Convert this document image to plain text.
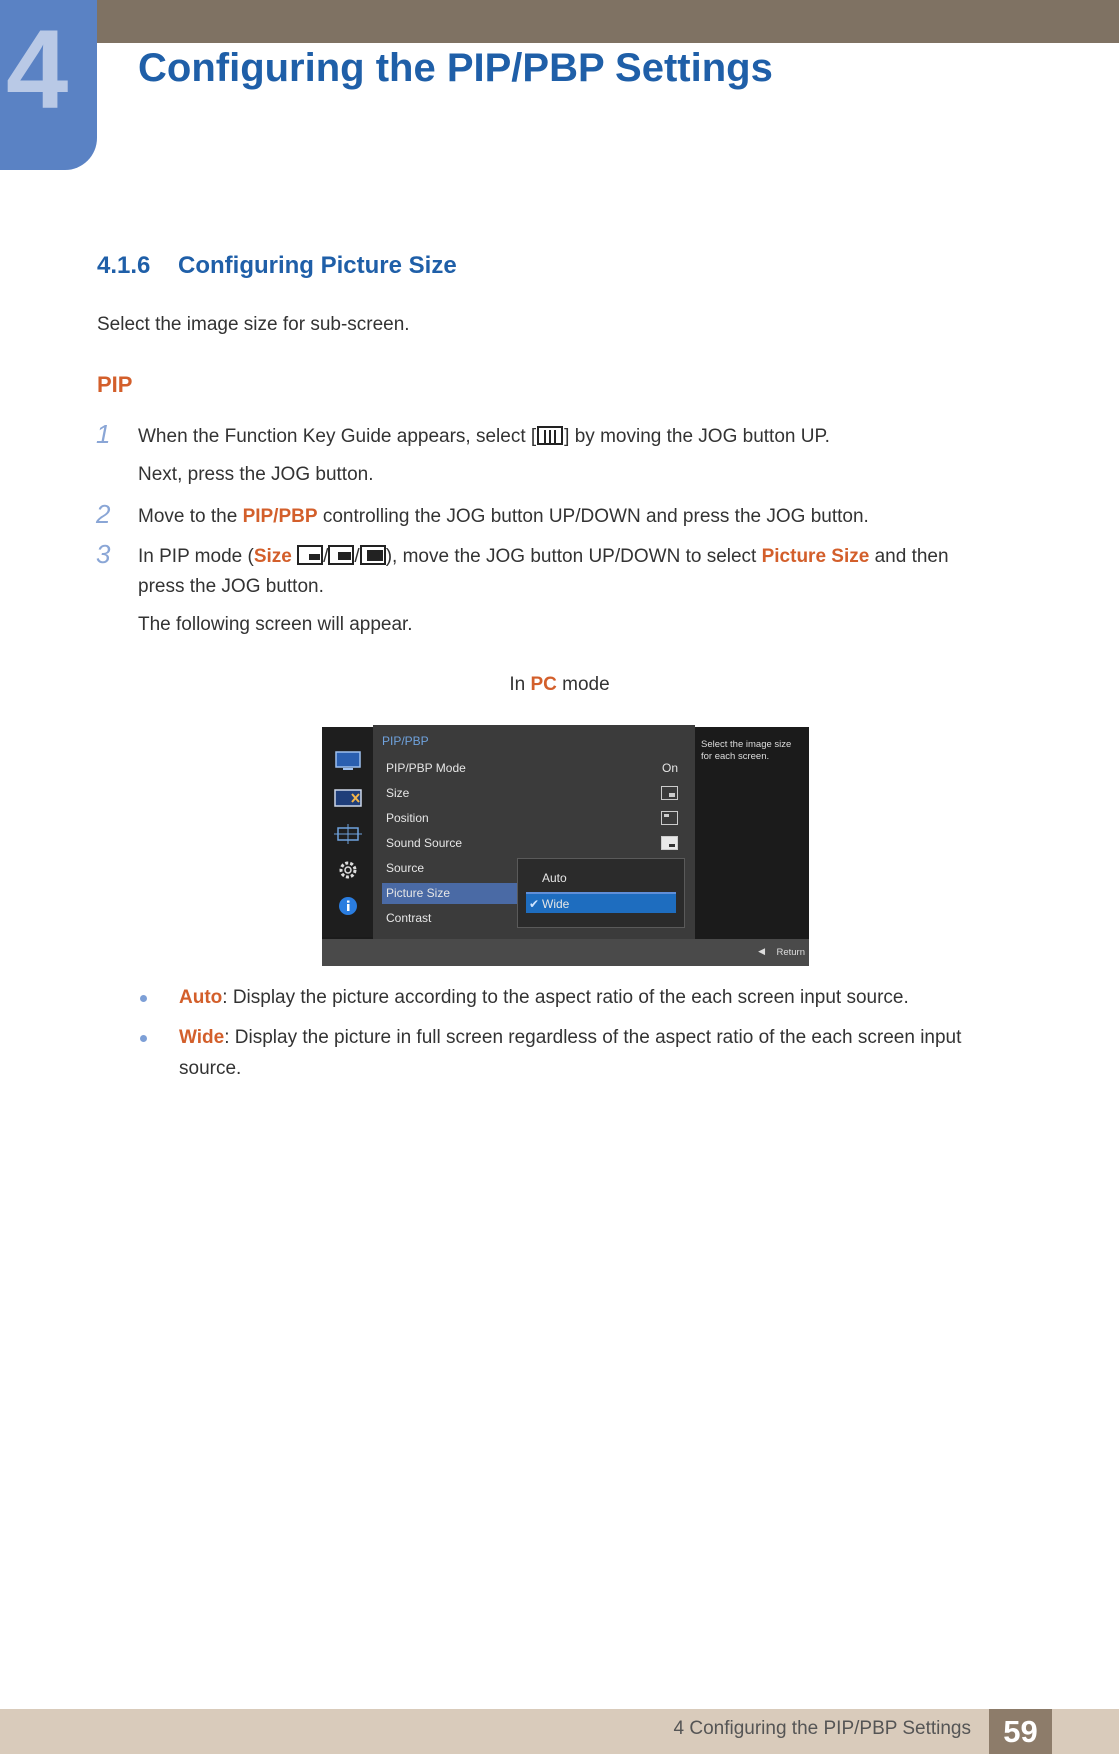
4 Configuring the PIP/PBP Settings
4.1.6 Configuring Picture Size
Select the image size for sub-screen.
PIP
1 When the Function Key Guide appears, select [ ] by moving the JOG button UP.
Next, press the JOG button.
2 Move to the PIP/PBP controlling the JOG button UP/DOWN and press the JOG button.
3 In PIP mode (Size / / ), move the JOG button UP/DOWN to select Picture Size and then
press the JOG button.
The following screen will appear.
In PC mode
PIP/PBP
PIP/PBP Mode	On
Size
Position
Sound Source
Source
Picture Size
Contrast
Auto
✔ Wide
Select the image size for each screen.
◀ Return
Auto: Display the picture according to the aspect ratio of the each screen input source.
Wide: Display the picture in full screen regardless of the aspect ratio of the each screen input
source.
4 Configuring the PIP/PBP Settings	59
